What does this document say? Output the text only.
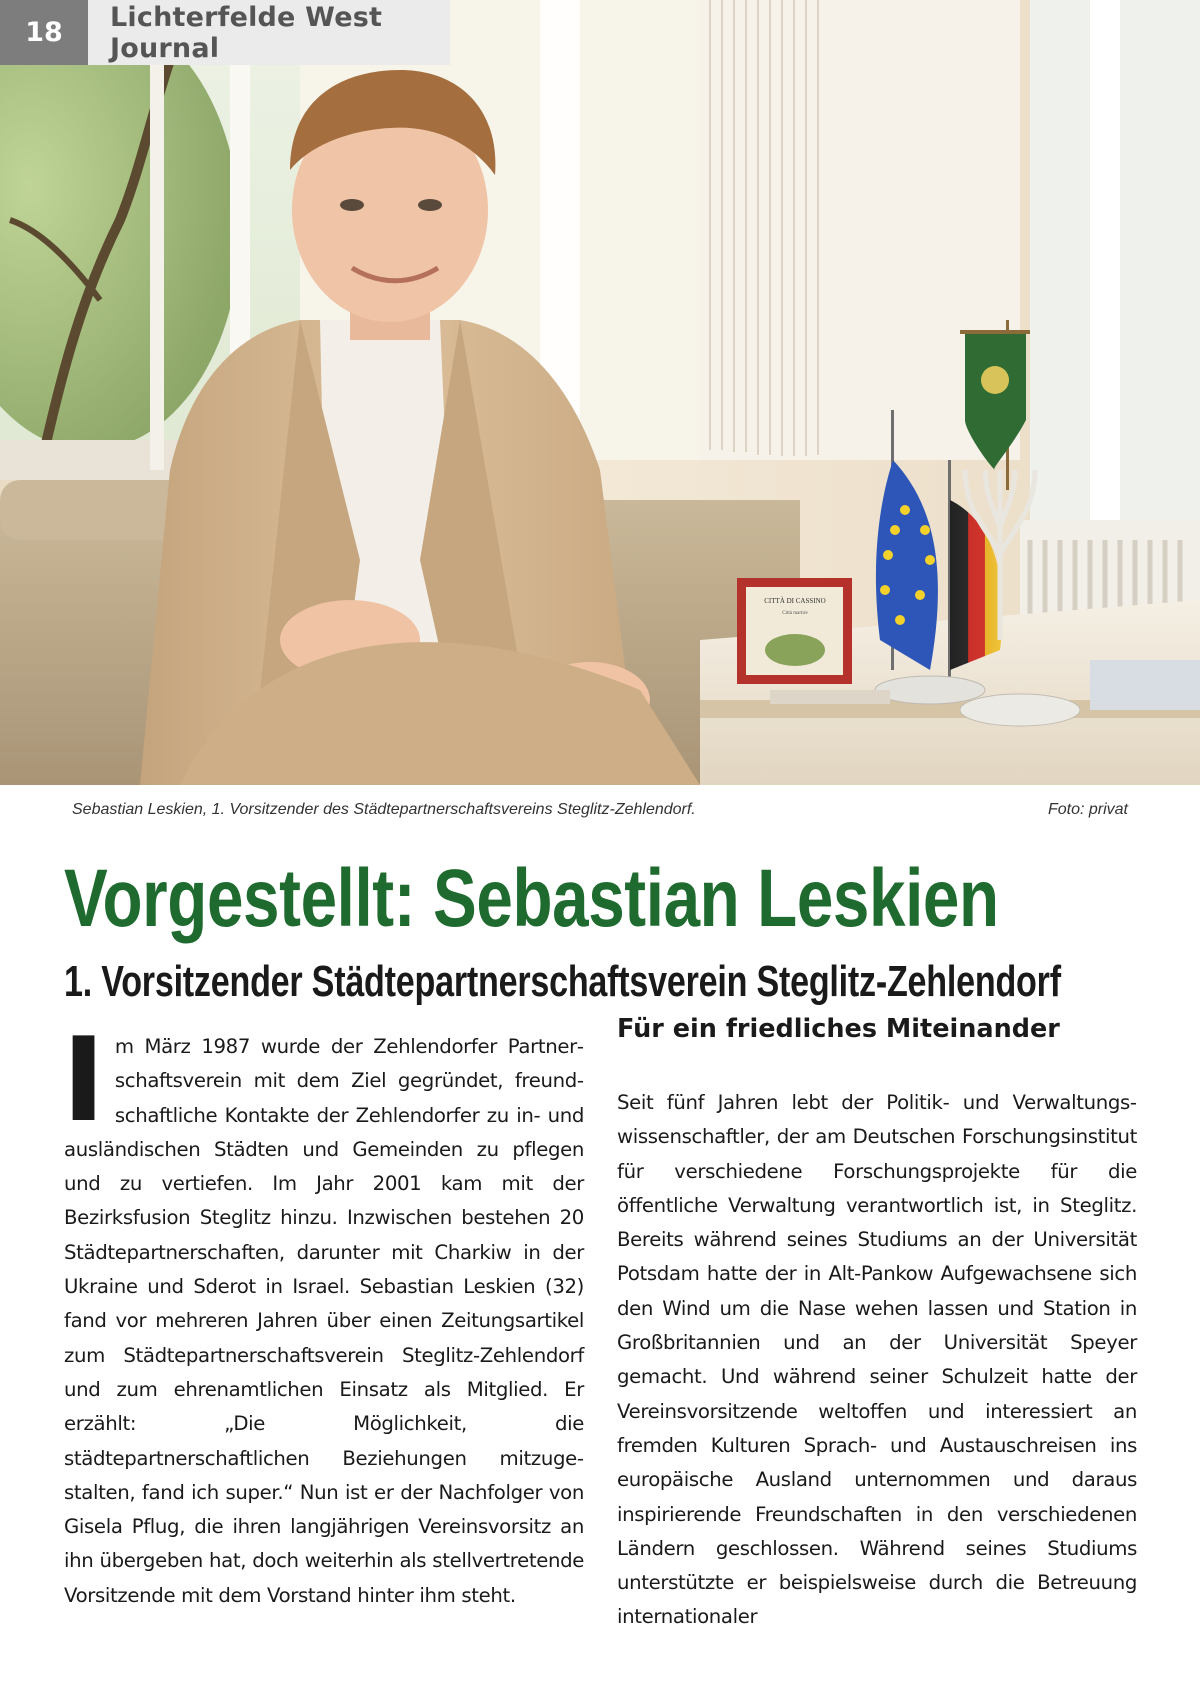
CITTÀ DI CASSINO
Città martire
18	Lichterfelde West Journal
Sebastian Leskien, 1. Vorsitzender des Städtepartnerschaftsvereins Steglitz-Zehlendorf.	Foto: privat
Vorgestellt: Sebastian Leskien
1. Vorsitzender Städtepartnerschaftsverein Steglitz-Zehlendorf

Im März 1987 wurde der Zehlendorfer Partnerschaftsverein mit dem Ziel gegründet, freundschaftliche Kontakte der Zehlendorfer zu in- und ausländischen Städten und Gemeinden zu pflegen und zu vertiefen. Im Jahr 2001 kam mit der Bezirksfusion Steglitz hinzu. Inzwischen bestehen 20 Städtepartnerschaften, darunter mit Charkiw in der Ukraine und Sderot in Israel. Sebastian Leskien (32) fand vor mehreren Jahren über einen Zeitungsartikel zum Städtepartnerschaftsverein Steglitz-Zehlendorf und zum ehrenamtlichen Einsatz als Mitglied. Er erzählt: „Die Möglichkeit, die städtepartnerschaftlichen Beziehungen mitzugestalten, fand ich super.“ Nun ist er der Nachfolger von Gisela Pflug, die ihren langjährigen Vereinsvorsitz an ihn übergeben hat, doch weiterhin als stellvertretende Vorsitzende mit dem Vorstand hinter ihm steht.

Für ein friedliches Miteinander

Seit fünf Jahren lebt der Politik- und Verwaltungswissenschaftler, der am Deutschen Forschungsinstitut für verschiedene Forschungsprojekte für die öffentliche Verwaltung verantwortlich ist, in Steglitz. Bereits während seines Studiums an der Universität Potsdam hatte der in Alt-Pankow Aufgewachsene sich den Wind um die Nase wehen lassen und Station in Großbritannien und an der Universität Speyer gemacht. Und während seiner Schulzeit hatte der Vereinsvorsitzende weltoffen und interessiert an fremden Kulturen Sprach- und Austauschreisen ins europäische Ausland unternommen und daraus inspirierende Freundschaften in den verschiedenen Ländern geschlossen. Während seines Studiums unterstützte er beispielsweise durch die Betreuung internationaler
